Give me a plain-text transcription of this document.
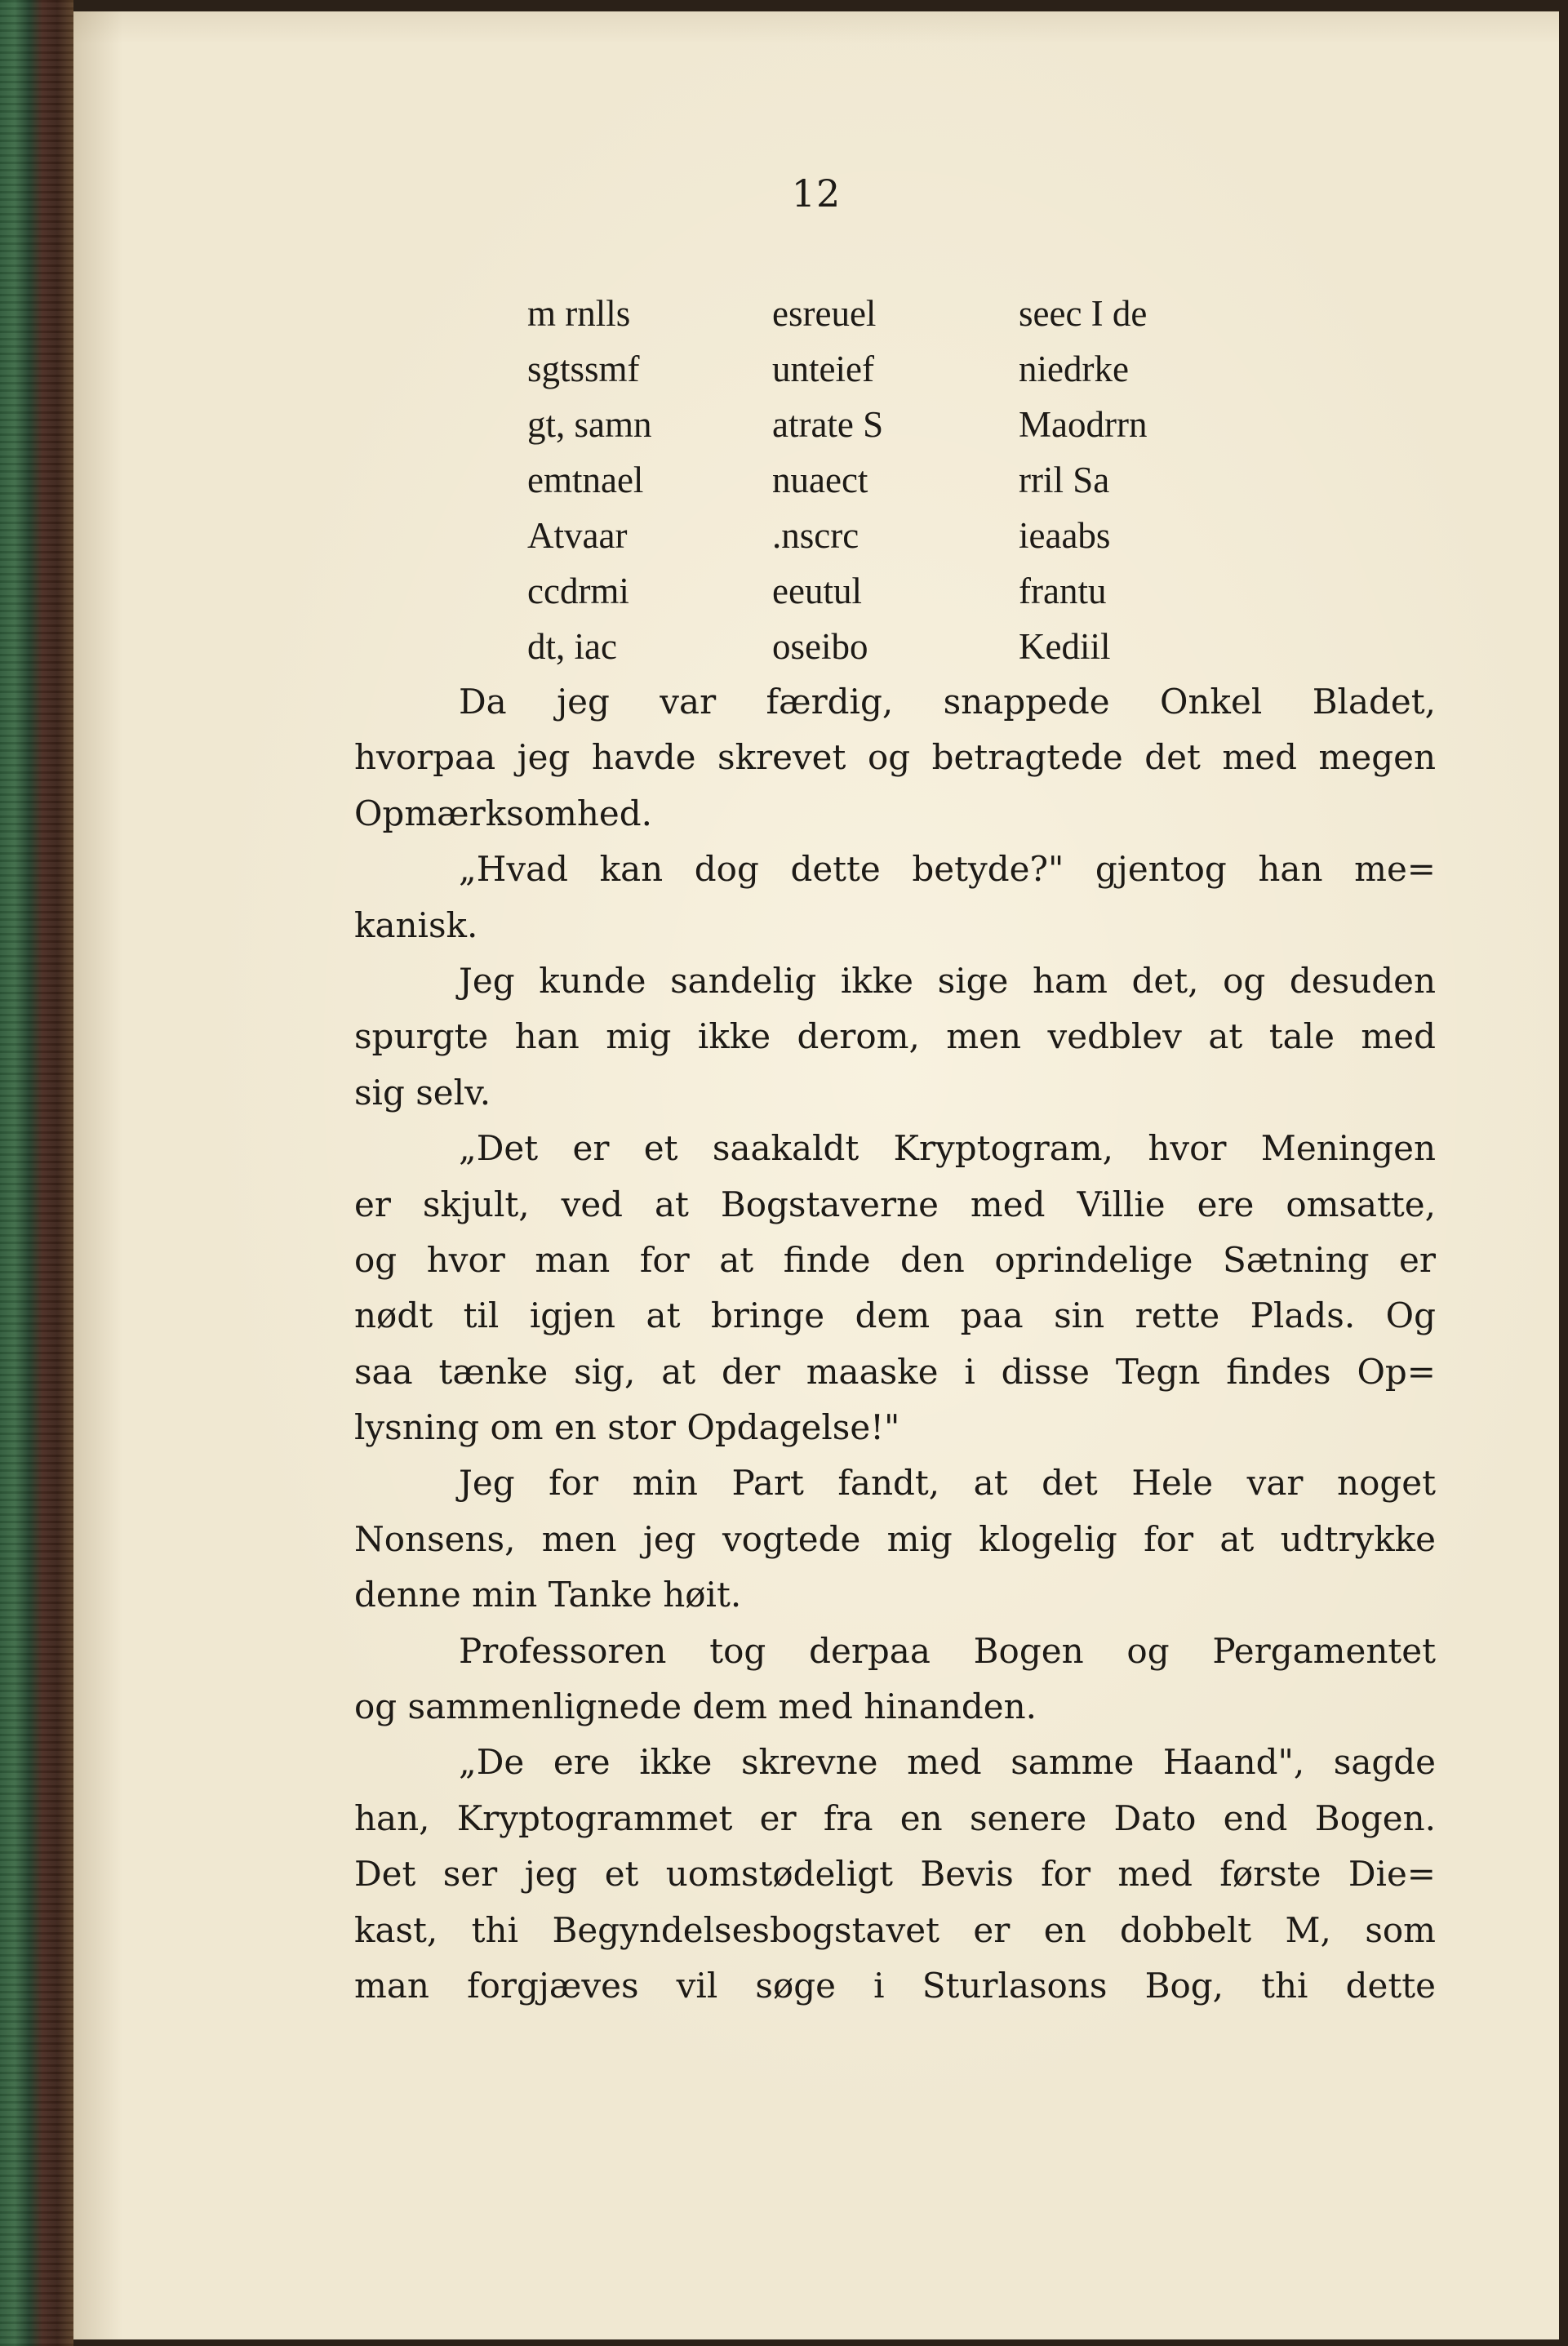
12
m rnlls	esreuel	seec I de
sgtssmf	unteief	niedrke
gt, samn	atrate S	Maodrrn
emtnael	nuaect	rril Sa
Atvaar	.nscrc	ieaabs
ccdrmi	eeutul	frantu
dt, iac	oseibo	Kediil
Da jeg var færdig, snappede Onkel Bladet,
hvorpaa jeg havde skrevet og betragtede det med megen
Opmærksomhed.
„Hvad kan dog dette betyde?" gjentog han me=
kanisk.
Jeg kunde sandelig ikke sige ham det, og desuden
spurgte han mig ikke derom, men vedblev at tale med
sig selv.
„Det er et saakaldt Kryptogram, hvor Meningen
er skjult, ved at Bogstaverne med Villie ere omsatte,
og hvor man for at finde den oprindelige Sætning er
nødt til igjen at bringe dem paa sin rette Plads. Og
saa tænke sig, at der maaske i disse Tegn findes Op=
lysning om en stor Opdagelse!"
Jeg for min Part fandt, at det Hele var noget
Nonsens, men jeg vogtede mig klogelig for at udtrykke
denne min Tanke høit.
Professoren tog derpaa Bogen og Pergamentet
og sammenlignede dem med hinanden.
„De ere ikke skrevne med samme Haand", sagde
han, Kryptogrammet er fra en senere Dato end Bogen.
Det ser jeg et uomstødeligt Bevis for med første Die=
kast, thi Begyndelsesbogstavet er en dobbelt M, som
man forgjæves vil søge i Sturlasons Bog, thi dette
